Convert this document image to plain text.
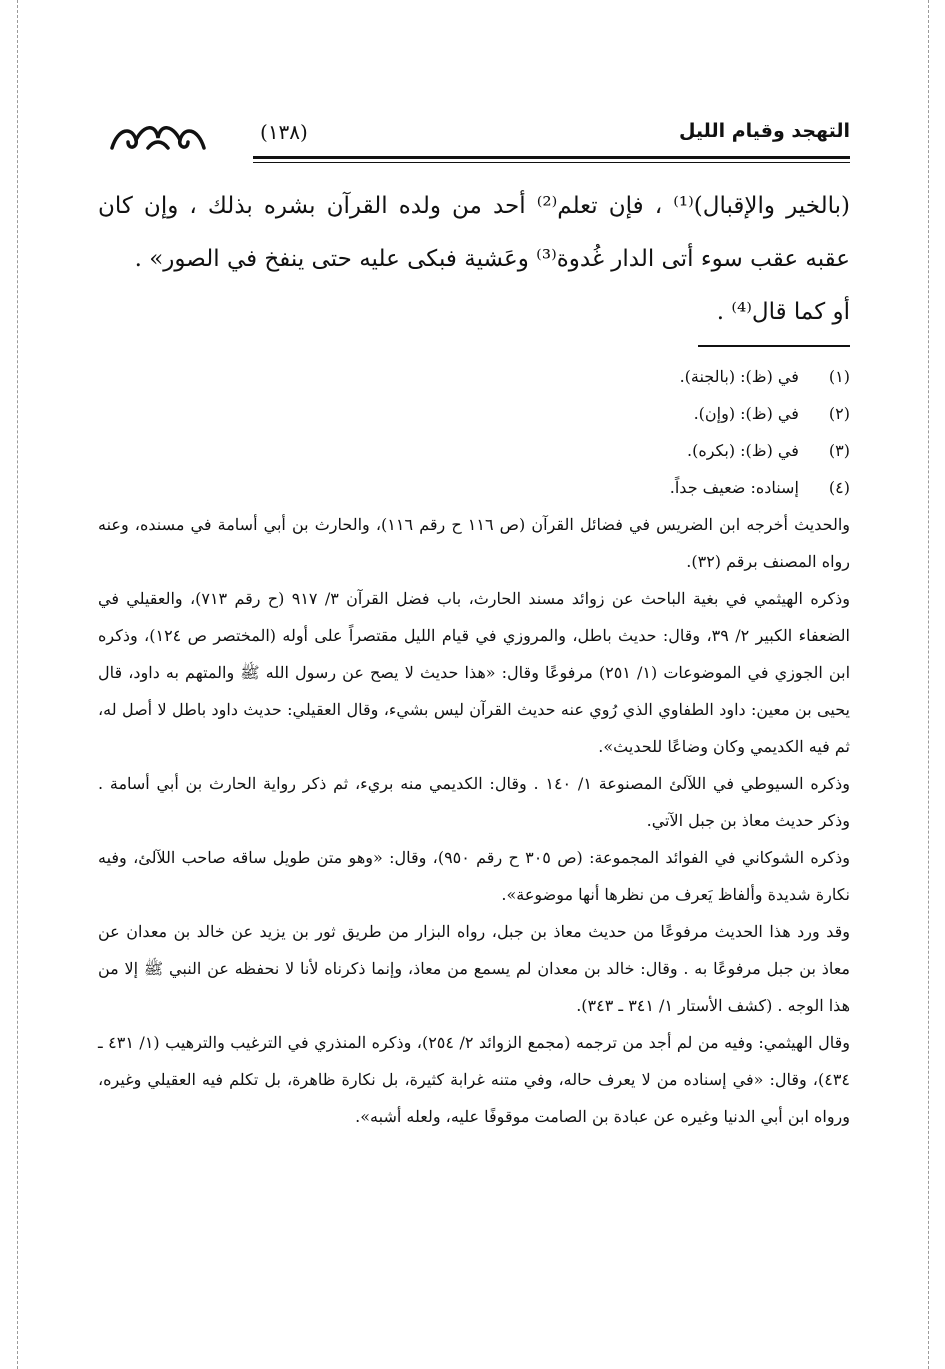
التهجد وقيام الليل
(١٣٨)

(بالخير والإقبال)⁽¹⁾ ، فإن تعلم⁽²⁾ أحد من ولده القرآن بشره بذلك ، وإن كان عقبه عقب سوء أتى الدار غُدوة⁽³⁾ وعَشية فبكى عليه حتى ينفخ في الصور» .

أو كما قال⁽⁴⁾ .

(١) في (ظ): (بالجنة).

(٢) في (ظ): (وإن).

(٣) في (ظ): (بكره).

(٤) إسناده: ضعيف جداً.

والحديث أخرجه ابن الضريس في فضائل القرآن (ص ١١٦ ح رقم ١١٦)، والحارث بن أبي أسامة في مسنده، وعنه رواه المصنف برقم (٣٢).

وذكره الهيثمي في بغية الباحث عن زوائد مسند الحارث، باب فضل القرآن ٣/ ٩١٧ (ح رقم ٧١٣)، والعقيلي في الضعفاء الكبير ٢/ ٣٩، وقال: حديث باطل، والمروزي في قيام الليل مقتصراً على أوله (المختصر ص ١٢٤)، وذكره ابن الجوزي في الموضوعات (١/ ٢٥١) مرفوعًا وقال: «هذا حديث لا يصح عن رسول الله ﷺ والمتهم به داود، قال يحيى بن معين: داود الطفاوي الذي رُوي عنه حديث القرآن ليس بشيء، وقال العقيلي: حديث داود باطل لا أصل له، ثم فيه الكديمي وكان وضاعًا للحديث».

وذكره السيوطي في اللآلئ المصنوعة ١/ ١٤٠ . وقال: الكديمي منه بريء، ثم ذكر رواية الحارث بن أبي أسامة . وذكر حديث معاذ بن جبل الآتي.

وذكره الشوكاني في الفوائد المجموعة: (ص ٣٠٥ ح رقم ٩٥٠)، وقال: «وهو متن طويل ساقه صاحب اللآلئ، وفيه نكارة شديدة وألفاظ يَعرف من نظرها أنها موضوعة».

وقد ورد هذا الحديث مرفوعًا من حديث معاذ بن جبل، رواه البزار من طريق ثور بن يزيد عن خالد بن معدان عن معاذ بن جبل مرفوعًا به . وقال: خالد بن معدان لم يسمع من معاذ، وإنما ذكرناه لأنا لا نحفظه عن النبي ﷺ إلا من هذا الوجه . (كشف الأستار ١/ ٣٤١ ـ ٣٤٣).

وقال الهيثمي: وفيه من لم أجد من ترجمه (مجمع الزوائد ٢/ ٢٥٤)، وذكره المنذري في الترغيب والترهيب (١/ ٤٣١ ـ ٤٣٤)، وقال: «في إسناده من لا يعرف حاله، وفي متنه غرابة كثيرة، بل نكارة ظاهرة، بل تكلم فيه العقيلي وغيره، ورواه ابن أبي الدنيا وغيره عن عبادة بن الصامت موقوفًا عليه، ولعله أشبه».
